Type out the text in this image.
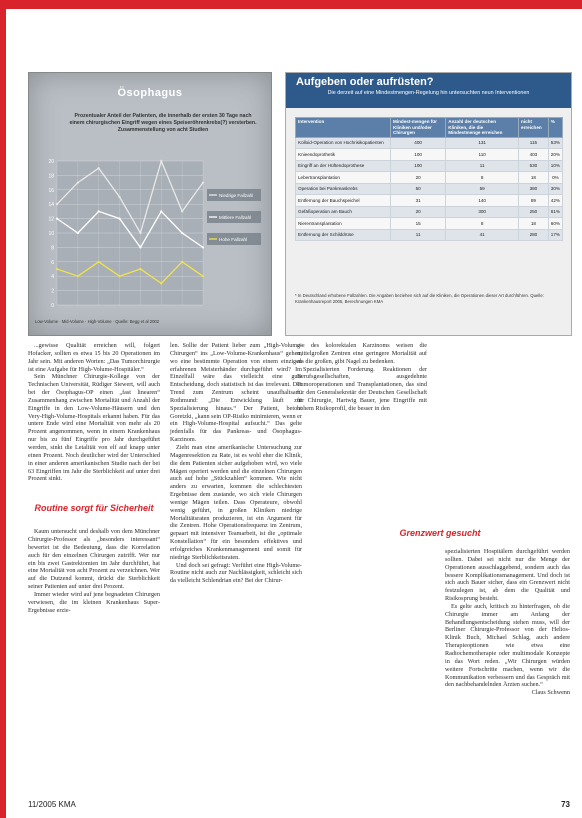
Ösophagus
Prozentualer Anteil der Patienten, die innerhalb der ersten 30 Tage nach einem chirurgischen Eingriff wegen eines Speiseröhrenkrebs(?) versterben. Zusammenstellung von acht Studien
0
2
4
6
8
10
12
14
16
18
20
Niedrige Fallzahl
Mittlere Fallzahl
Hohe Fallzahl
Low-Volume · Mid-Volume · High-Volume · Quelle: Begg et al 2002
Aufgeben oder aufrüsten?
Die derzeit auf eine Mindestmengen-Regelung hin untersuchten neun Interventionen
Intervention	Mindest-mengen für Kliniken und/oder Chirurgen	Anzahl der deutschen Kliniken, die die Mindestmenge erreichen	nicht erreichen	%
Kolloid-Operation von Hochrisikopatienten	400	131	115	53%
Knieendoprothetik	100	110	403	20%
Eingriff an der Hüftendoprothese	100	11	530	10%
Lebertransplantation	20	8	18	0%
Operation bei Pankreaskrebs	50	59	380	30%
Entfernung der Bauchspeichel	31	140	89	42%
Gefäßoperation am Bauch	20	300	250	61%
Nierentransplantation	15	8	18	60%
Entfernung der Schilddrüse	11	41	280	17%
* In Deutschland erhobene Fallzahlen. Die Angaben beziehen sich auf die Kliniken, die Operationen dieser Art durchführen. Quelle: Krankenhausreport 2005, Berechnungen KMA

...gewisse Qualität erreichen will, folgert Hofacker, sollten es etwa 15 bis 20 Operationen im Jahr sein. Mit anderen Worten: „Das Tumorchirurgie ist eine Aufgabe für High-Volume-Hospitäler.“

Sein Münchner Chirurgie-Kollege von der Technischen Universität, Rüdiger Siewert, will auch bei der Ösophagus-OP einen „fast linearen“ Zusammenhang zwischen Mortalität und Anzahl der Eingriffe in den Low-Volume-Häusern und den Very-High-Volume-Hospitals erkannt haben. Für das untere Ende wird eine Mortalität von mehr als 20 Prozent angenommen, wenn in einem Krankenhaus nur bis zu fünf Eingriffe pro Jahr durchgeführt werden, sinkt die Letalität von elf auf knapp unter einen Prozent. Noch deutlicher wird der Unterschied in einer anderen amerikanischen Studie nach der bei 63 Eingriffen im Jahr die Sterblichkeit auf unter drei Prozent sinkt.

Routine sorgt für Sicherheit

Kaum untersucht und deshalb von dem Münchner Chirurgie-Professor als „besonders interessant“ bewertet ist die Bedeutung, dass die Korrelation auch für den einzelnen Chirurgen zutrifft. Wer nur ein bis zwei Gastrektomien im Jahr durchführt, hat eine Mortalität von acht Prozent zu verzeichnen. Wer auf die Dutzend kommt, drückt die Sterblichkeit seiner Patienten auf unter drei Prozent.

Immer wieder wird auf jene begnadeten Chirurgen verwiesen, die im kleinen Krankenhaus Super-Ergebnisse erzie-

len. Sollte der Patient lieber zum „High-Volume-Chirurgen“ ins „Low-Volume-Krankenhaus“ gehen, wo eine bestimmte Operation von einem einzigen erfahrenen Meisterhänder durchgeführt wird? Im Einzelfall wäre das vielleicht eine gute Entscheidung, doch statistisch ist das irrelevant. Der Trend zum Zentrum scheint unaufhaltsam. Rothmund: „Die Entwicklung läuft zur Spezialisierung hinaus.“ Der Patient, betont Goretzki, „kann sein OP-Risiko minimieren, wenn er ein High-Volume-Hospital aufsucht.“ Das gelte jedenfalls für das Pankreas- und Ösophagus-Karzinom.

Zieht man eine amerikanische Untersuchung zur Magenresektion zu Rate, ist es wohl eher die Klinik, die dem Patienten sicher aufgehoben wird, wo viele Mägen operiert werden und die einzelnen Chirurgen auch auf hohe „Stückzahlen“ kommen. Wie nicht anders zu erwarten, kommen die schlechtesten Ergebnisse dem zustande, wo sich viele Chirurgen wenige Mägen teilen. Dass Operateure, obwohl wenig geführt, in großen Kliniken niedrige Mortalitätsraten produzieren, ist ein Argument für die Zentren. Hohe Operationsfrequenz im Zentrum, gepaart mit intensiver Teamarbeit, ist die „optimale Konstellation“ für ein besonders effektives und erfolgreiches Krankenmanagement und somit für niedrige Sterblichkeitsraten.

Und doch sei gefragt: Verführt eine High-Volume-Routine nicht auch zur Nachlässigkeit, schleicht sich da vielleicht Schlendrian ein? Bei der Chirur-

gie des kolorektalen Karzinoms weisen die mittelgroßen Zentren eine geringere Mortalität auf als die großen, gibt Nagel zu bedenken.

Spezialisierten Forderung. Reaktionen der Berufsgesellschaften, ausgedehnte Tumoroperationen und Transplantationen, das sind für den Generalsekretär der Deutschen Gesellschaft für Chirurgie, Hartwig Bauer, jene Eingriffe mit hohem Risikoprofil, die besser in den

Grenzwert gesucht

spezialisierten Hospitälern durchgeführt werden sollten. Dabei sei nicht nur die Menge der Operationen ausschlaggebend, sondern auch das bessere Komplikationsmanagement. Und doch ist sich auch Bauer sicher, dass ein Grenzwert nicht festzulegen ist, ab dem die Qualität und Risikosprung besteht.

Es gelte auch, kritisch zu hinterfragen, ob die Chirurgie immer am Anfang der Behandlungsentscheidung stehen muss, will der Berliner Chirurgie-Professor von der Helios-Klinik Buch, Michael Schlag, auch andere Therapieoptionen wie etwa eine Radiochemotherapie oder multimodale Konzepte in das Wort reden. „Wir Chirurgen würden weitere Fortschritte machen, wenn wir die Kommunikation verbessern und das Gespräch mit den nachbehandelnden Ärzten suchen.“

Claus Schwenn

11/2005 KMA	73
